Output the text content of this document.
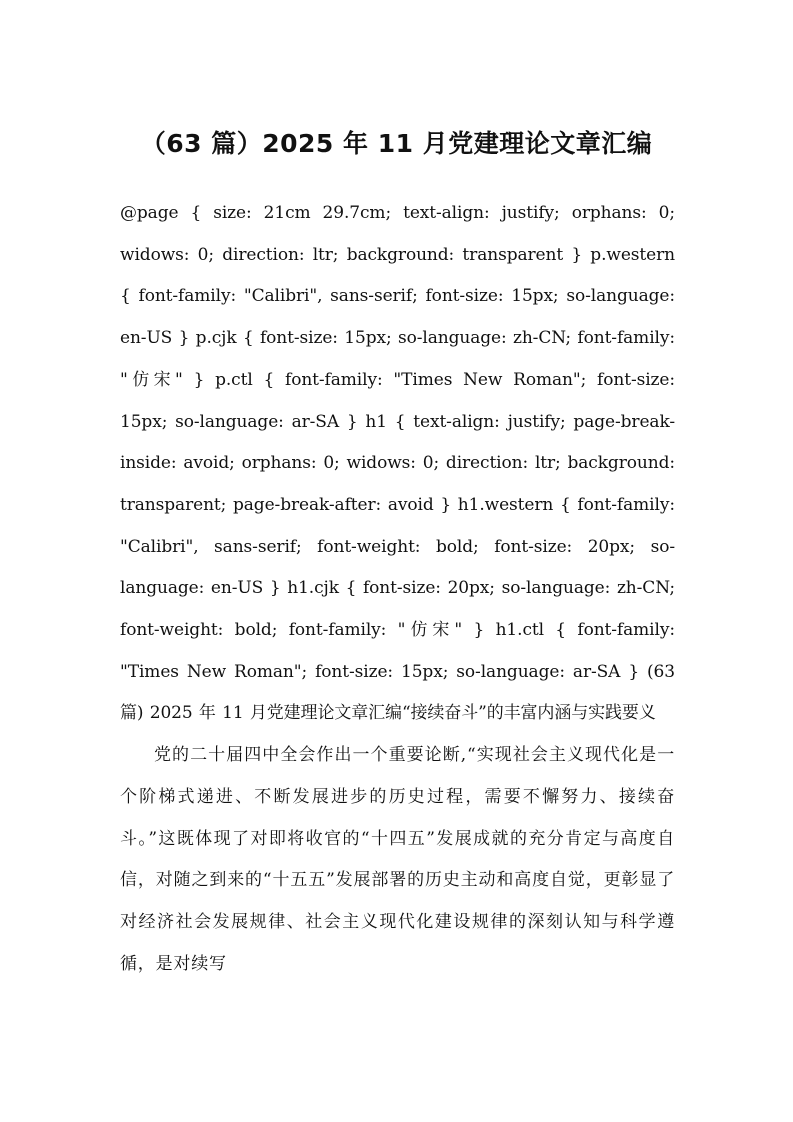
（63 篇）2025 年 11 月党建理论文章汇编

@page { size: 21cm 29.7cm; text-align: justify; orphans: 0; widows: 0; direction: ltr; background: transparent } p.western { font-family: "Calibri", sans-serif; font-size: 15px; so-language: en-US } p.cjk { font-size: 15px; so-language: zh-CN; font-family: "仿宋" } p.ctl { font-family: "Times New Roman"; font-size: 15px; so-language: ar-SA } h1 { text-align: justify; page-break-inside: avoid; orphans: 0; widows: 0; direction: ltr; background: transparent; page-break-after: avoid } h1.western { font-family: "Calibri", sans-serif; font-weight: bold; font-size: 20px; so-language: en-US } h1.cjk { font-size: 20px; so-language: zh-CN; font-weight: bold; font-family: "仿宋" } h1.ctl { font-family: "Times New Roman"; font-size: 15px; so-language: ar-SA } (63 篇) 2025 年 11 月党建理论文章汇编“接续奋斗”的丰富内涵与实践要义

党的二十届四中全会作出一个重要论断,“实现社会主义现代化是一个阶梯式递进、不断发展进步的历史过程，需要不懈努力、接续奋斗。”这既体现了对即将收官的“十四五”发展成就的充分肯定与高度自信，对随之到来的“十五五”发展部署的历史主动和高度自觉，更彰显了对经济社会发展规律、社会主义现代化建设规律的深刻认知与科学遵循，是对续写
